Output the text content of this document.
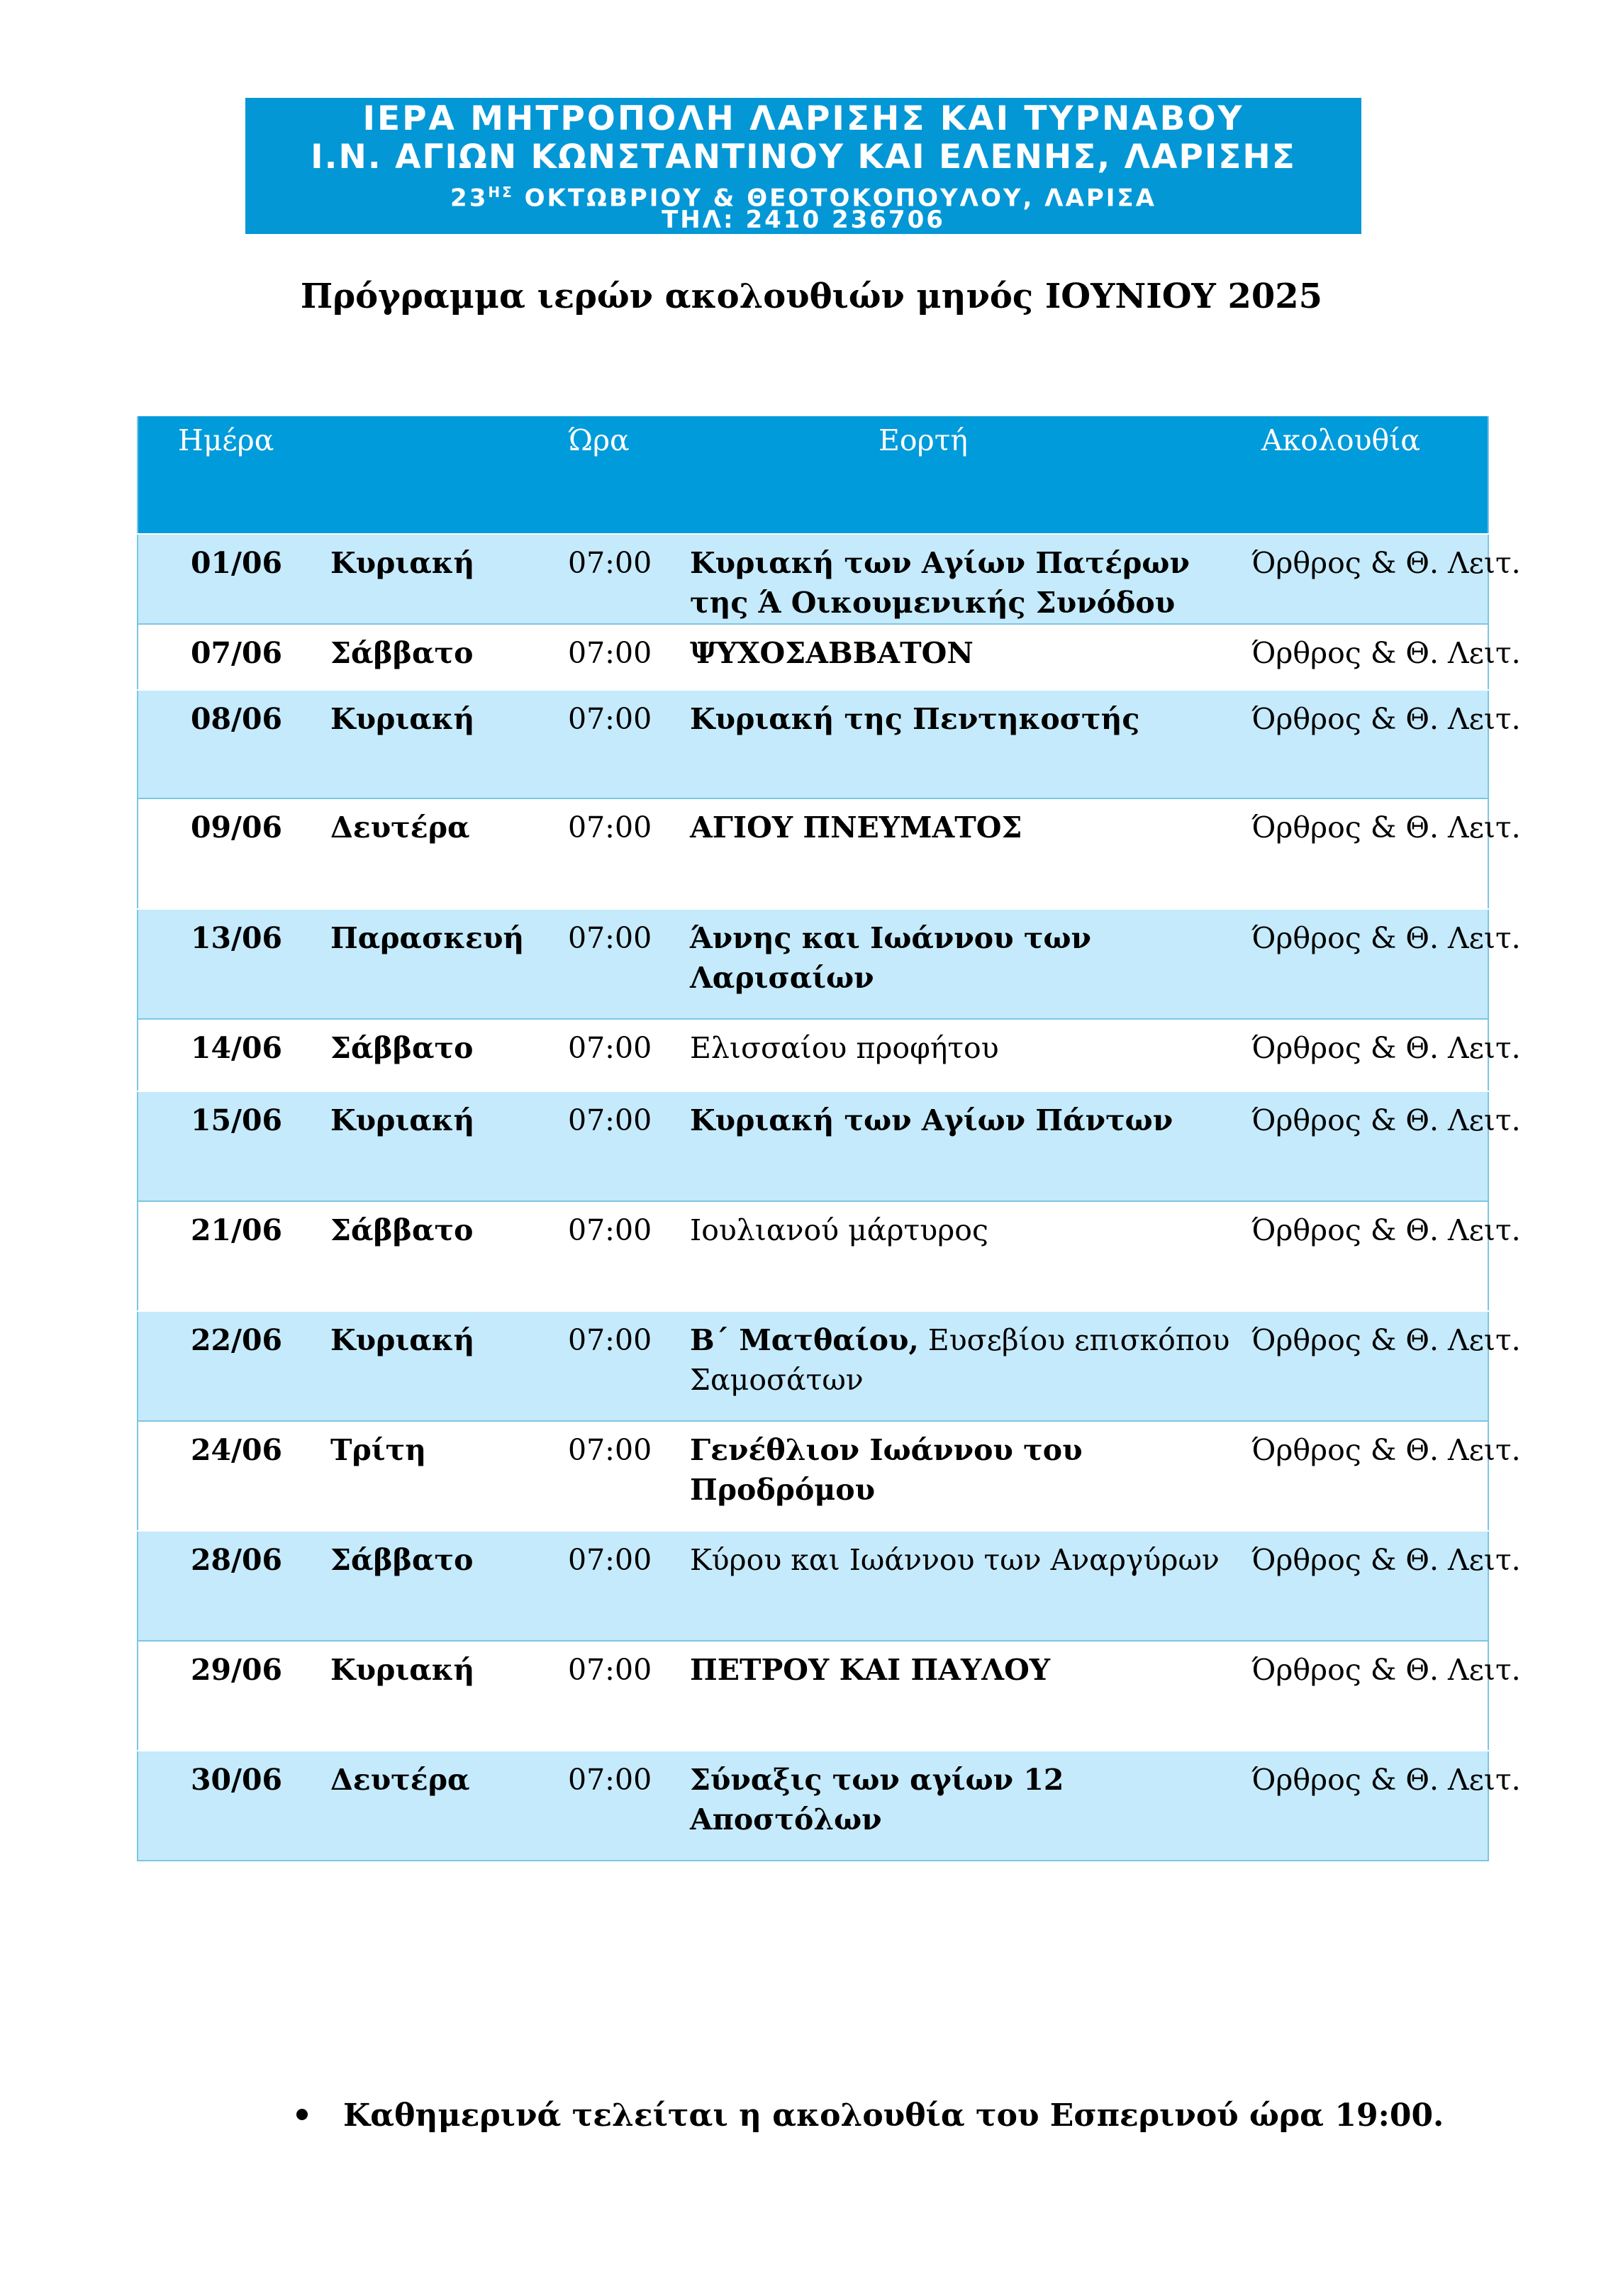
ΙΕΡΑ ΜΗΤΡΟΠΟΛΗ ΛΑΡΙΣΗΣ ΚΑΙ ΤΥΡΝΑΒΟΥ
Ι.Ν. ΑΓΙΩΝ ΚΩΝΣΤΑΝΤΙΝΟΥ ΚΑΙ ΕΛΕΝΗΣ, ΛΑΡΙΣΗΣ
$23^{H\Sigma}$ ΟΚΤΩΒΡΙΟΥ & ΘΕΟΤΟΚΟΠΟΥΛΟΥ, ΛΑΡΙΣΑ
ΤΗΛ: 2410 236706
Πρόγραμμα ιερών ακολουθιών μηνός ΙΟΥΝΙΟΥ 2025
Ημέρα		Ώρα	Εορτή	Ακολουθία
01/06	Κυριακή	07:00	Κυριακή των Αγίων Πατέρων της Ά Οικουμενικής Συνόδου	Όρθρος & Θ. Λειτ.
07/06	Σάββατο	07:00	ΨΥΧΟΣΑΒΒΑΤΟΝ	Όρθρος & Θ. Λειτ.
08/06	Κυριακή	07:00	Κυριακή της Πεντηκοστής	Όρθρος & Θ. Λειτ.
09/06	Δευτέρα	07:00	ΑΓΙΟΥ ΠΝΕΥΜΑΤΟΣ	Όρθρος & Θ. Λειτ.
13/06	Παρασκευή	07:00	Άννης και Ιωάννου των Λαρισαίων	Όρθρος & Θ. Λειτ.
14/06	Σάββατο	07:00	Ελισσαίου προφήτου	Όρθρος & Θ. Λειτ.
15/06	Κυριακή	07:00	Κυριακή των Αγίων Πάντων	Όρθρος & Θ. Λειτ.
21/06	Σάββατο	07:00	Ιουλιανού μάρτυρος	Όρθρος & Θ. Λειτ.
22/06	Κυριακή	07:00	Β΄ Ματθαίου, Ευσεβίου επισκόπου Σαμοσάτων	Όρθρος & Θ. Λειτ.
24/06	Τρίτη	07:00	Γενέθλιον Ιωάννου του Προδρόμου	Όρθρος & Θ. Λειτ.
28/06	Σάββατο	07:00	Κύρου και Ιωάννου των Αναργύρων	Όρθρος & Θ. Λειτ.
29/06	Κυριακή	07:00	ΠΕΤΡΟΥ ΚΑΙ ΠΑΥΛΟΥ	Όρθρος & Θ. Λειτ.
30/06	Δευτέρα	07:00	Σύναξις των αγίων 12 Αποστόλων	Όρθρος & Θ. Λειτ.
Καθημερινά τελείται η ακολουθία του Εσπερινού ώρα 19:00.
